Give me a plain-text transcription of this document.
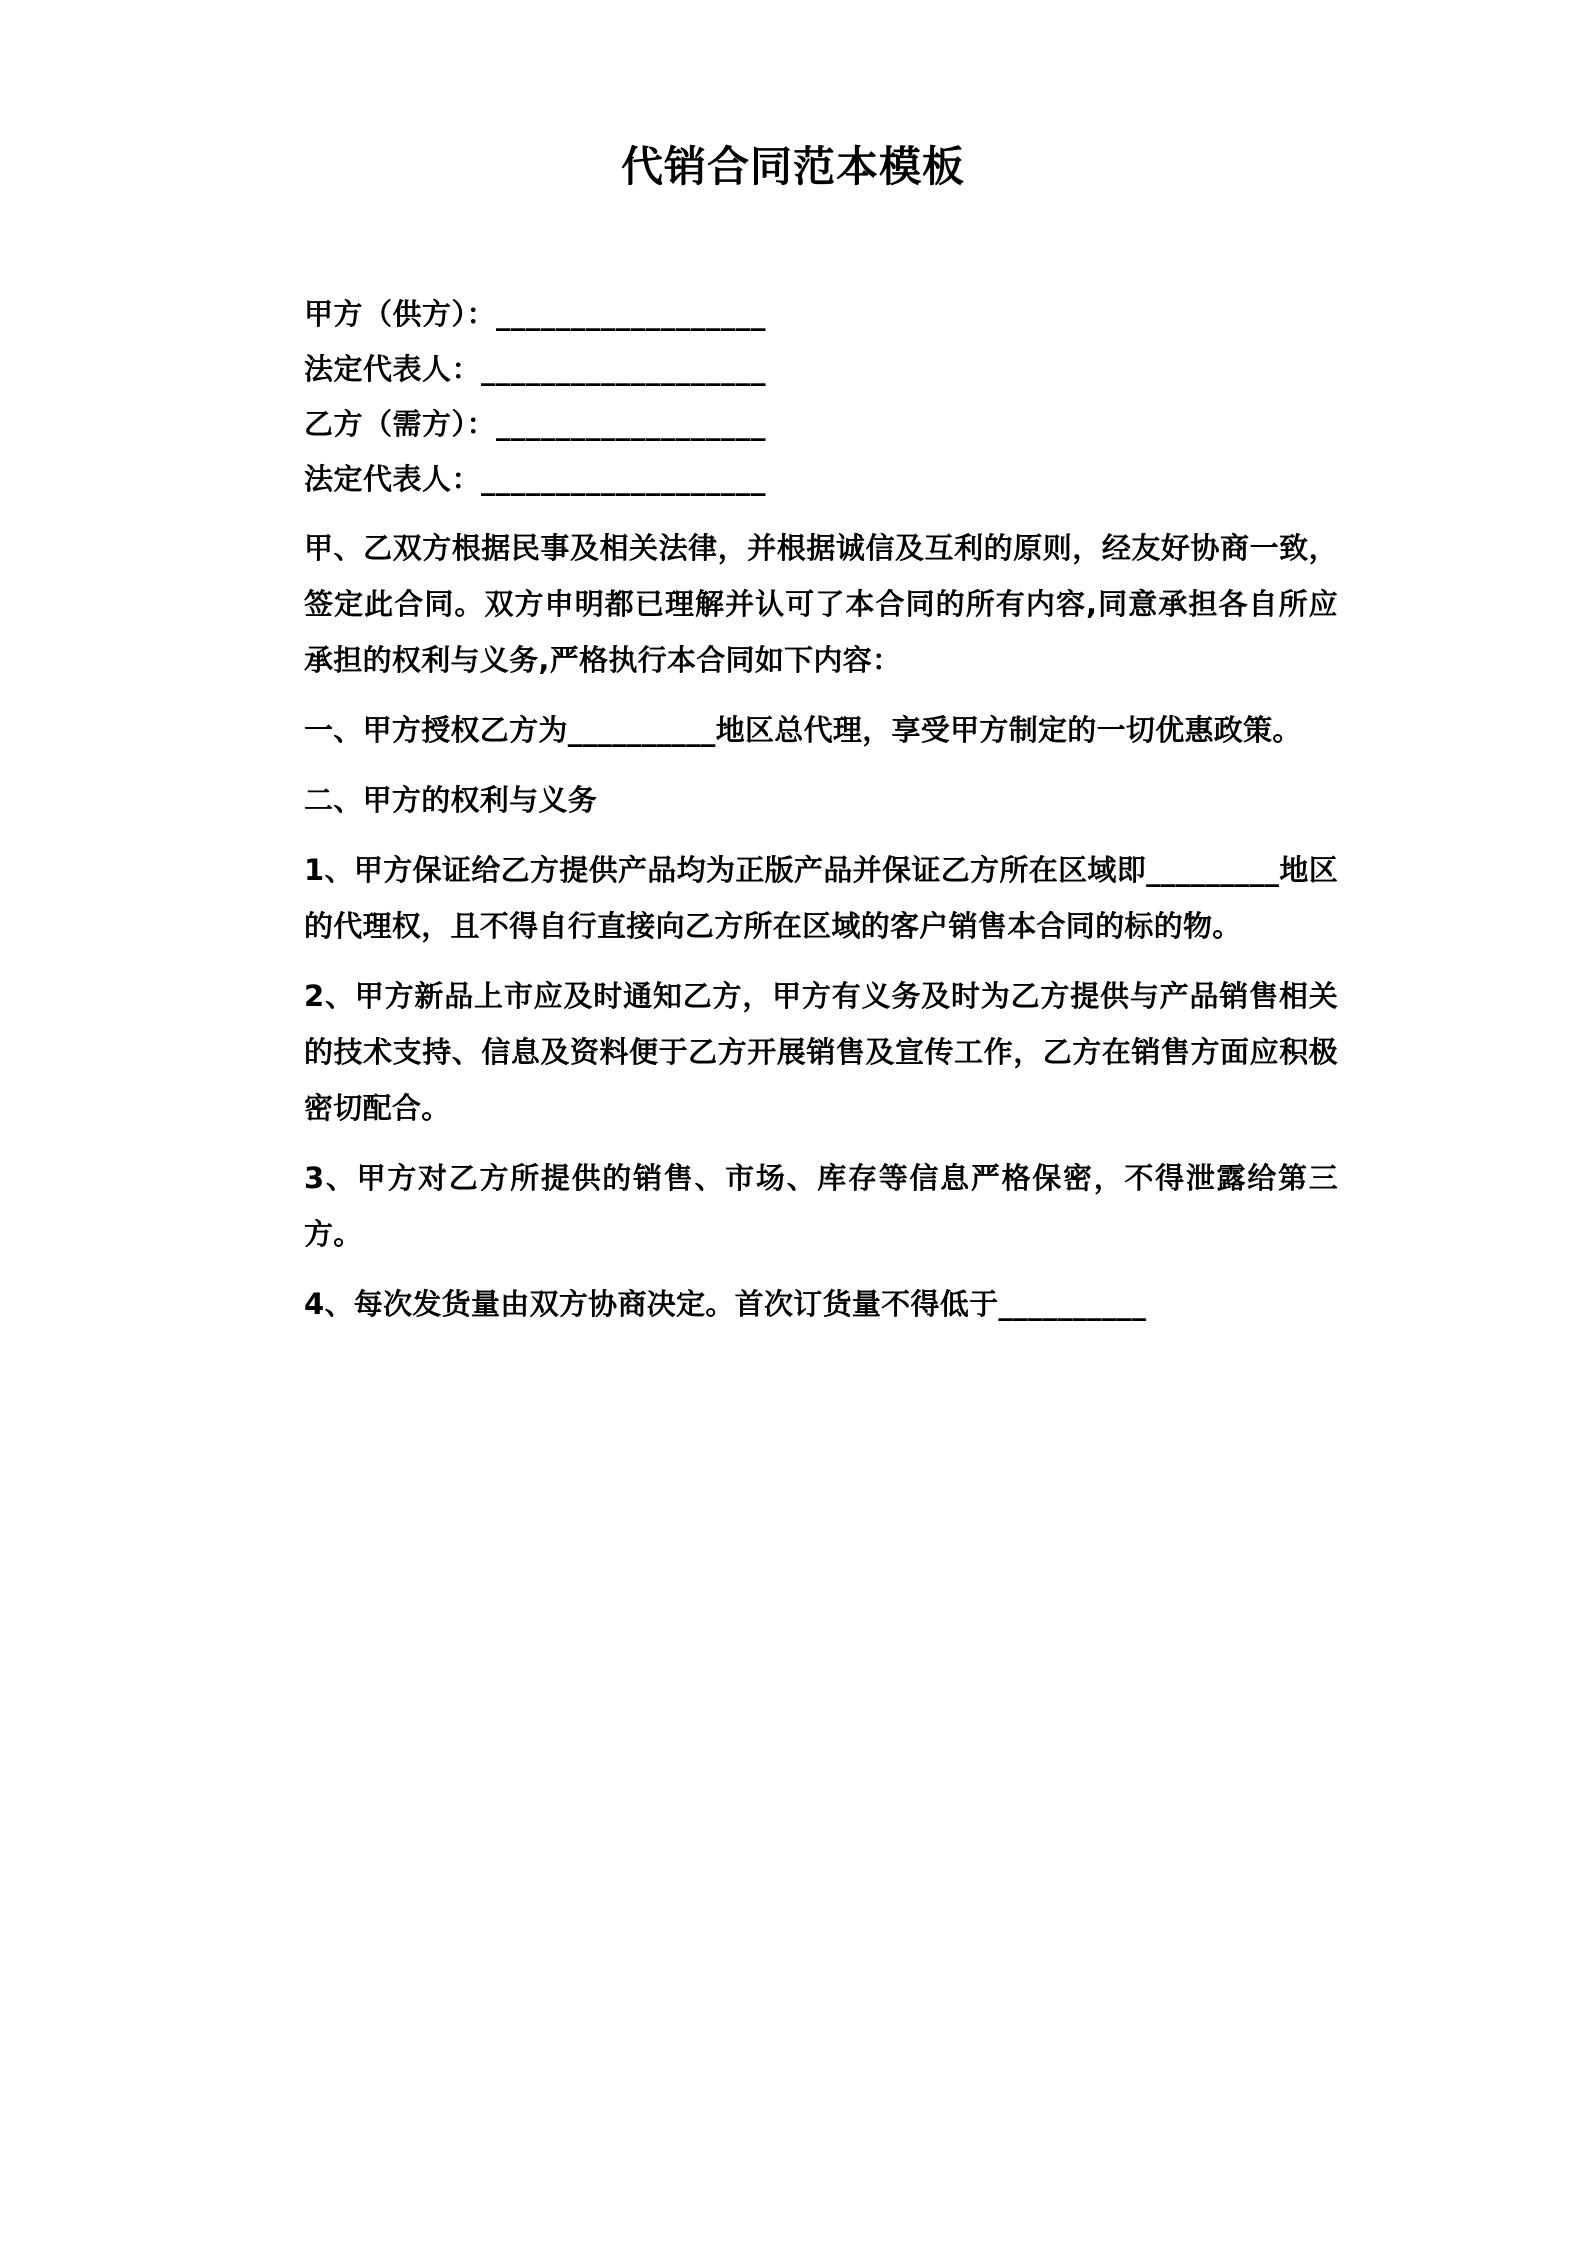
代销合同范本模板

甲方（供方）：__________________

法定代表人：___________________

乙方（需方）：__________________

法定代表人：___________________

甲、乙双方根据民事及相关法律，并根据诚信及互利的原则，经友好协商一致，签定此合同。双方申明都已理解并认可了本合同的所有内容,同意承担各自所应承担的权利与义务,严格执行本合同如下内容：

一、甲方授权乙方为__________地区总代理，享受甲方制定的一切优惠政策。

二、甲方的权利与义务

1、甲方保证给乙方提供产品均为正版产品并保证乙方所在区域即_________地区的代理权，且不得自行直接向乙方所在区域的客户销售本合同的标的物。

2、甲方新品上市应及时通知乙方，甲方有义务及时为乙方提供与产品销售相关的技术支持、信息及资料便于乙方开展销售及宣传工作，乙方在销售方面应积极密切配合。

3、甲方对乙方所提供的销售、市场、库存等信息严格保密，不得泄露给第三方。

4、每次发货量由双方协商决定。首次订货量不得低于__________
